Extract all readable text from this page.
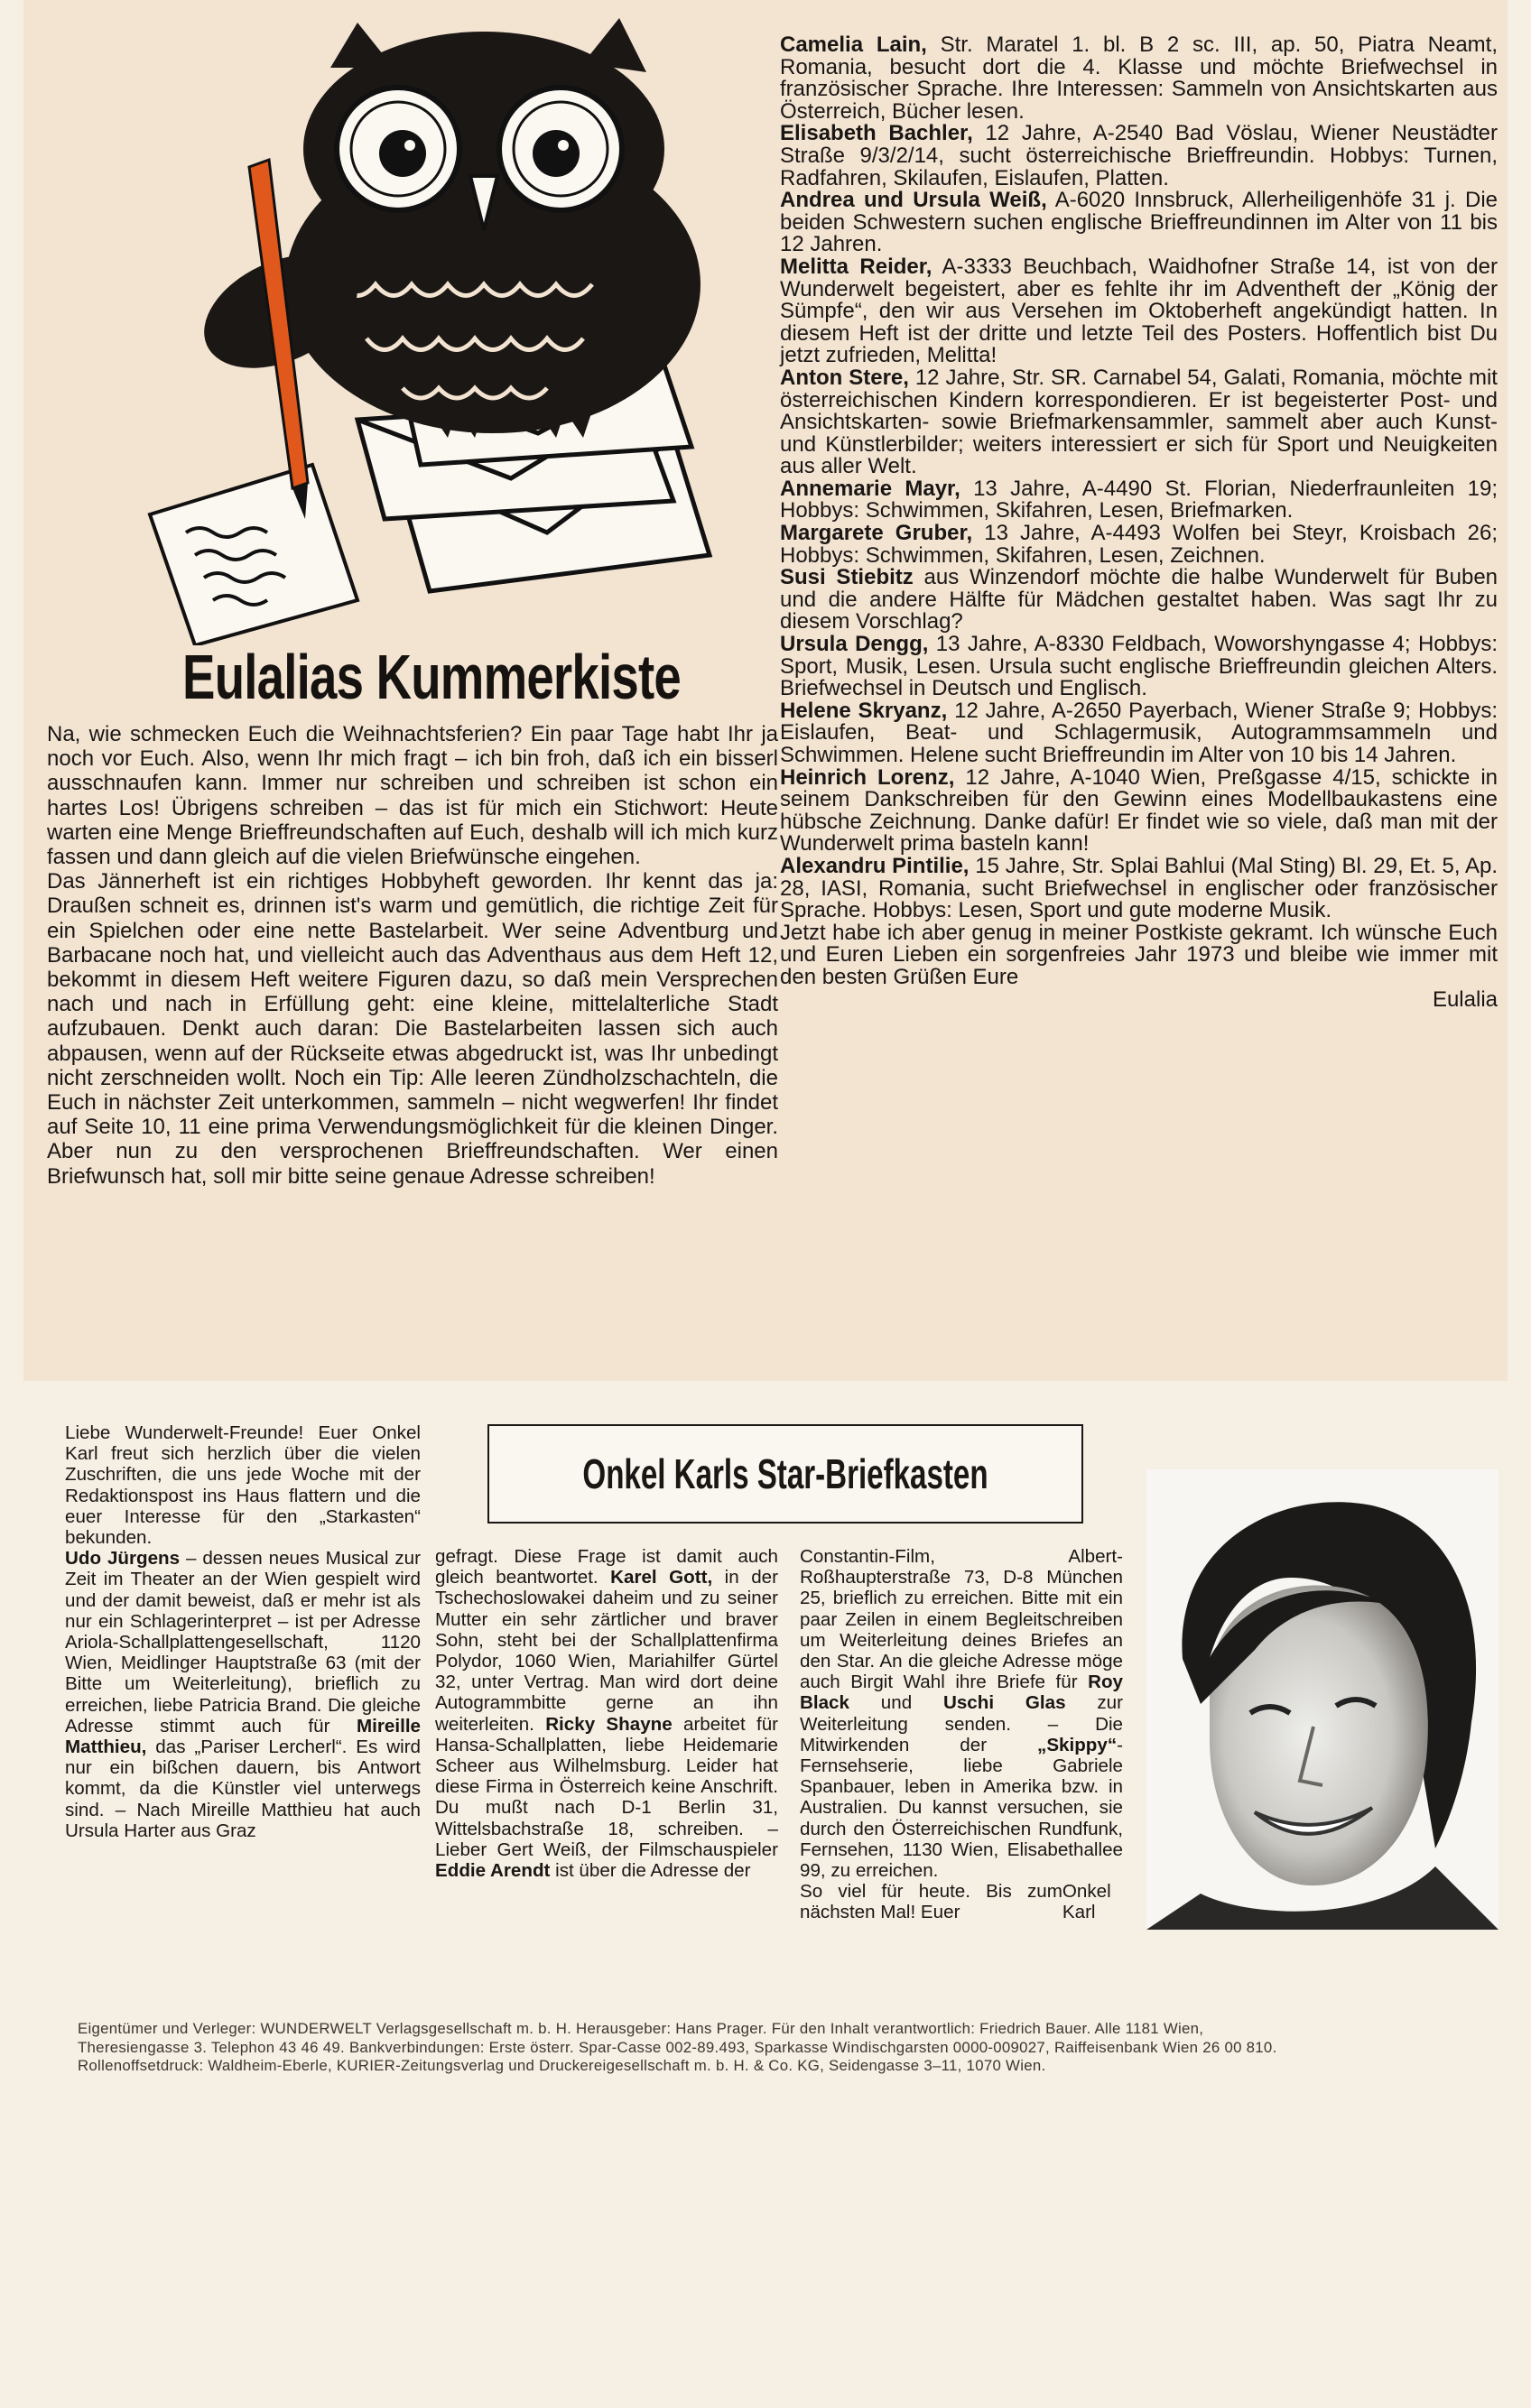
Eulalias Kummerkiste

Na, wie schmecken Euch die Weihnachtsferien? Ein paar Tage habt Ihr ja noch vor Euch. Also, wenn Ihr mich fragt – ich bin froh, daß ich ein bisserl ausschnaufen kann. Immer nur schreiben und schreiben ist schon ein hartes Los! Übrigens schreiben – das ist für mich ein Stichwort: Heute warten eine Menge Brieffreundschaften auf Euch, deshalb will ich mich kurz fassen und dann gleich auf die vielen Briefwünsche eingehen.

Das Jännerheft ist ein richtiges Hobbyheft geworden. Ihr kennt das ja: Draußen schneit es, drinnen ist's warm und gemütlich, die richtige Zeit für ein Spielchen oder eine nette Bastelarbeit. Wer seine Adventburg und Barbacane noch hat, und vielleicht auch das Adventhaus aus dem Heft 12, bekommt in diesem Heft weitere Figuren dazu, so daß mein Versprechen nach und nach in Erfüllung geht: eine kleine, mittelalterliche Stadt aufzubauen. Denkt auch daran: Die Bastelarbeiten lassen sich auch abpausen, wenn auf der Rückseite etwas abgedruckt ist, was Ihr unbedingt nicht zerschneiden wollt. Noch ein Tip: Alle leeren Zündholzschachteln, die Euch in nächster Zeit unterkommen, sammeln – nicht wegwerfen! Ihr findet auf Seite 10, 11 eine prima Verwendungsmöglichkeit für die kleinen Dinger. Aber nun zu den versprochenen Brieffreundschaften. Wer einen Briefwunsch hat, soll mir bitte seine genaue Adresse schreiben!

Camelia Lain, Str. Maratel 1. bl. B 2 sc. III, ap. 50, Piatra Neamt, Romania, besucht dort die 4. Klasse und möchte Briefwechsel in französischer Sprache. Ihre Interessen: Sammeln von Ansichtskarten aus Österreich, Bücher lesen.

Elisabeth Bachler, 12 Jahre, A-2540 Bad Vöslau, Wiener Neustädter Straße 9/3/2/14, sucht österreichische Brieffreundin. Hobbys: Turnen, Radfahren, Skilaufen, Eislaufen, Platten.

Andrea und Ursula Weiß, A-6020 Innsbruck, Allerheiligenhöfe 31 j. Die beiden Schwestern suchen englische Brieffreundinnen im Alter von 11 bis 12 Jahren.

Melitta Reider, A-3333 Beuchbach, Waidhofner Straße 14, ist von der Wunderwelt begeistert, aber es fehlte ihr im Adventheft der „König der Sümpfe“, den wir aus Versehen im Oktoberheft angekündigt hatten. In diesem Heft ist der dritte und letzte Teil des Posters. Hoffentlich bist Du jetzt zufrieden, Melitta!

Anton Stere, 12 Jahre, Str. SR. Carnabel 54, Galati, Romania, möchte mit österreichischen Kindern korrespondieren. Er ist begeisterter Post- und Ansichtskarten- sowie Briefmarkensammler, sammelt aber auch Kunst- und Künstlerbilder; weiters interessiert er sich für Sport und Neuigkeiten aus aller Welt.

Annemarie Mayr, 13 Jahre, A-4490 St. Florian, Niederfraunleiten 19; Hobbys: Schwimmen, Skifahren, Lesen, Briefmarken.

Margarete Gruber, 13 Jahre, A-4493 Wolfen bei Steyr, Kroisbach 26; Hobbys: Schwimmen, Skifahren, Lesen, Zeichnen.

Susi Stiebitz aus Winzendorf möchte die halbe Wunderwelt für Buben und die andere Hälfte für Mädchen gestaltet haben. Was sagt Ihr zu diesem Vorschlag?

Ursula Dengg, 13 Jahre, A-8330 Feldbach, Woworshyngasse 4; Hobbys: Sport, Musik, Lesen. Ursula sucht englische Brieffreundin gleichen Alters. Briefwechsel in Deutsch und Englisch.

Helene Skryanz, 12 Jahre, A-2650 Payerbach, Wiener Straße 9; Hobbys: Eislaufen, Beat- und Schlagermusik, Autogrammsammeln und Schwimmen. Helene sucht Brieffreundin im Alter von 10 bis 14 Jahren.

Heinrich Lorenz, 12 Jahre, A-1040 Wien, Preßgasse 4/15, schickte in seinem Dankschreiben für den Gewinn eines Modellbaukastens eine hübsche Zeichnung. Danke dafür! Er findet wie so viele, daß man mit der Wunderwelt prima basteln kann!

Alexandru Pintilie, 15 Jahre, Str. Splai Bahlui (Mal Sting) Bl. 29, Et. 5, Ap. 28, IASI, Romania, sucht Briefwechsel in englischer oder französischer Sprache. Hobbys: Lesen, Sport und gute moderne Musik.

Jetzt habe ich aber genug in meiner Postkiste gekramt. Ich wünsche Euch und Euren Lieben ein sorgenfreies Jahr 1973 und bleibe wie immer mit den besten Grüßen Eure

Eulalia

Liebe Wunderwelt-Freunde! Euer Onkel Karl freut sich herzlich über die vielen Zuschriften, die uns jede Woche mit der Redaktionspost ins Haus flattern und die euer Interesse für den „Starkasten“ bekunden.

Udo Jürgens – dessen neues Musical zur Zeit im Theater an der Wien gespielt wird und der damit beweist, daß er mehr ist als nur ein Schlagerinterpret – ist per Adresse Ariola-Schallplattengesellschaft, 1120 Wien, Meidlinger Hauptstraße 63 (mit der Bitte um Weiterleitung), brieflich zu erreichen, liebe Patricia Brand. Die gleiche Adresse stimmt auch für Mireille Matthieu, das „Pariser Lercherl“. Es wird nur ein bißchen dauern, bis Antwort kommt, da die Künstler viel unterwegs sind. – Nach Mireille Matthieu hat auch Ursula Harter aus Graz

Onkel Karls Star-Briefkasten

gefragt. Diese Frage ist damit auch gleich beantwortet. Karel Gott, in der Tschechoslowakei daheim und zu seiner Mutter ein sehr zärtlicher und braver Sohn, steht bei der Schallplattenfirma Polydor, 1060 Wien, Mariahilfer Gürtel 32, unter Vertrag. Man wird dort deine Autogrammbitte gerne an ihn weiterleiten. Ricky Shayne arbeitet für Hansa-Schallplatten, liebe Heidemarie Scheer aus Wilhelmsburg. Leider hat diese Firma in Österreich keine Anschrift. Du mußt nach D-1 Berlin 31, Wittelsbachstraße 18, schreiben. – Lieber Gert Weiß, der Filmschauspieler Eddie Arendt ist über die Adresse der

Constantin-Film, Albert-Roßhaupterstraße 73, D-8 München 25, brieflich zu erreichen. Bitte mit ein paar Zeilen in einem Begleitschreiben um Weiterleitung deines Briefes an den Star. An die gleiche Adresse möge auch Birgit Wahl ihre Briefe für Roy Black und Uschi Glas zur Weiterleitung senden. – Die Mitwirkenden der „Skippy“-Fernsehserie, liebe Gabriele Spanbauer, leben in Amerika bzw. in Australien. Du kannst versuchen, sie durch den Österreichischen Rundfunk, Fernsehen, 1130 Wien, Elisabethallee 99, zu erreichen.

So viel für heute. Bis zum nächsten Mal! Euer
Onkel Karl

Eigentümer und Verleger: WUNDERWELT Verlagsgesellschaft m. b. H. Herausgeber: Hans Prager. Für den Inhalt verantwortlich: Friedrich Bauer. Alle 1181 Wien,

Theresiengasse 3. Telephon 43 46 49. Bankverbindungen: Erste österr. Spar-Casse 002-89.493, Sparkasse Windischgarsten 0000-009027, Raiffeisenbank Wien 26 00 810.

Rollenoffsetdruck: Waldheim-Eberle, KURIER-Zeitungsverlag und Druckereigesellschaft m. b. H. & Co. KG, Seidengasse 3–11, 1070 Wien.
